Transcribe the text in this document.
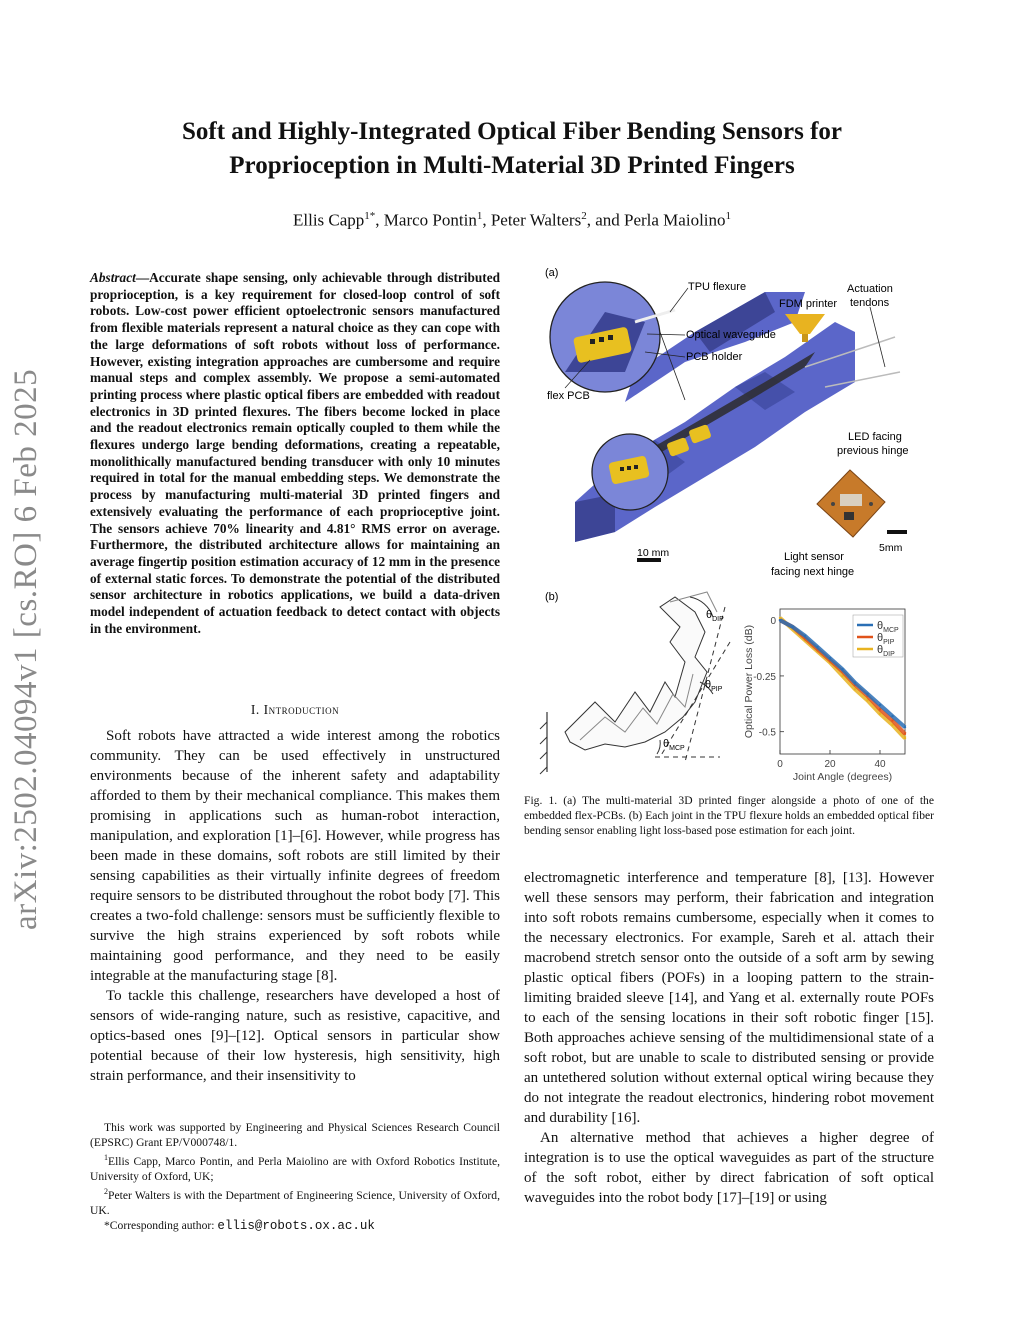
arXiv:2502.04094v1 [cs.RO] 6 Feb 2025
Soft and Highly-Integrated Optical Fiber Bending Sensors for
Proprioception in Multi-Material 3D Printed Fingers
Ellis Capp$^{1*}$, Marco Pontin$^1$, Peter Walters$^2$, and Perla Maiolino$^1$
Abstract—Accurate shape sensing, only achievable through distributed proprioception, is a key requirement for closed-loop control of soft robots. Low-cost power efficient optoelectronic sensors manufactured from flexible materials represent a natural choice as they can cope with the large deformations of soft robots without loss of performance. However, existing integration approaches are cumbersome and require manual steps and complex assembly. We propose a semi-automated printing process where plastic optical fibers are embedded with readout electronics in 3D printed flexures. The fibers become locked in place and the readout electronics remain optically coupled to them while the flexures undergo large bending deformations, creating a repeatable, monolithically manufactured bending transducer with only 10 minutes required in total for the manual embedding steps. We demonstrate the process by manufacturing multi-material 3D printed fingers and extensively evaluating the performance of each proprioceptive joint. The sensors achieve 70% linearity and 4.81° RMS error on average. Furthermore, the distributed architecture allows for maintaining an average fingertip position estimation accuracy of 12 mm in the presence of external static forces. To demonstrate the potential of the distributed sensor architecture in robotics applications, we build a data-driven model independent of actuation feedback to detect contact with objects in the environment.
I. Introduction

Soft robots have attracted a wide interest among the robotics community. They can be used effectively in unstructured environments because of the inherent safety and adaptability afforded to them by their mechanical compliance. This makes them promising in applications such as human-robot interaction, manipulation, and exploration [1]–[6]. However, while progress has been made in these domains, soft robots are still limited by their sensing capabilities as their virtually infinite degrees of freedom require sensors to be distributed throughout the robot body [7]. This creates a two-fold challenge: sensors must be sufficiently flexible to survive the high strains experienced by soft robots while maintaining good performance, and they need to be easily integrable at the manufacturing stage [8].

To tackle this challenge, researchers have developed a host of sensors of wide-ranging nature, such as resistive, capacitive, and optics-based ones [9]–[12]. Optical sensors in particular show potential because of their low hysteresis, high sensitivity, high strain performance, and their insensitivity to

This work was supported by Engineering and Physical Sciences Research Council (EPSRC) Grant EP/V000748/1.

$^1$Ellis Capp, Marco Pontin, and Perla Maiolino are with Oxford Robotics Institute, University of Oxford, UK;

$^2$Peter Walters is with the Department of Engineering Science, University of Oxford, UK.

*Corresponding author: ellis@robots.ox.ac.uk

(a)
TPU flexure	Actuation
tendons
FDM printer
Optical waveguide
PCB holder
flex PCB
LED facing
previous hinge
Light sensor
facing next hinge
10 mm	5mm
(b)
$\theta_{DIP}$
$\theta_{PIP}$
$\theta_{MCP}$
0
-0.25
-0.5
0	20	40
Joint Angle (degrees)
Optical Power Loss (dB)	$\theta_{MCP}$
$\theta_{PIP}$
$\theta_{DIP}$
Fig. 1. (a) The multi-material 3D printed finger alongside a photo of one of the embedded flex-PCBs. (b) Each joint in the TPU flexure holds an embedded optical fiber bending sensor enabling light loss-based pose estimation for each joint.

electromagnetic interference and temperature [8], [13]. However well these sensors may perform, their fabrication and integration into soft robots remains cumbersome, especially when it comes to the necessary electronics. For example, Sareh et al. attach their macrobend stretch sensor onto the outside of a soft arm by sewing plastic optical fibers (POFs) in a looping pattern to the strain-limiting braided sleeve [14], and Yang et al. externally route POFs to each of the sensing locations in their soft robotic finger [15]. Both approaches achieve sensing of the multidimensional state of a soft robot, but are unable to scale to distributed sensing or provide an untethered solution without external optical wiring because they do not integrate the readout electronics, hindering robot movement and durability [16].

An alternative method that achieves a higher degree of integration is to use the optical waveguides as part of the structure of the soft robot, either by direct fabrication of soft optical waveguides into the robot body [17]–[19] or using
